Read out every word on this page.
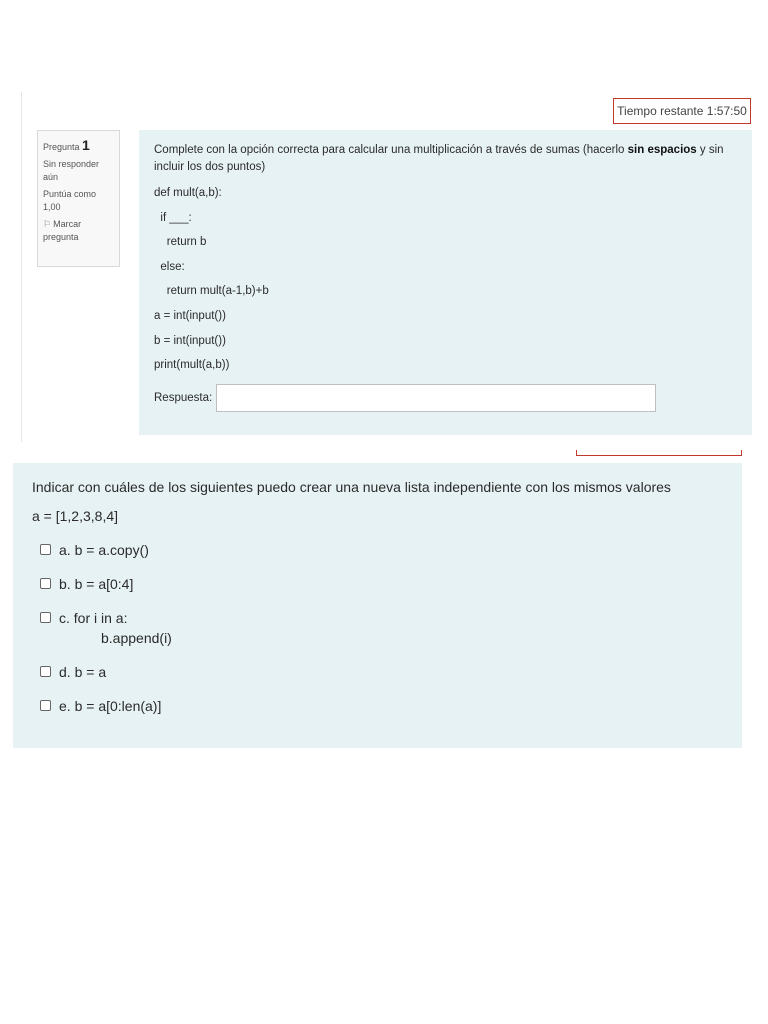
Tiempo restante 1:57:50
Pregunta 1
Sin responder aún
Puntúa como 1,00
⚐ Marcar pregunta
Complete con la opción correcta para calcular una multiplicación a través de sumas (hacerlo sin espacios y sin incluir los dos puntos)
def mult(a,b):
if ___:
return b
else:
return mult(a-1,b)+b
a = int(input())
b = int(input())
print(mult(a,b))
Respuesta:
Indicar con cuáles de los siguientes puedo crear una nueva lista independiente con los mismos valores
a = [1,2,3,8,4]
a.
b = a.copy()
b.
b = a[0:4]
c.
for i in a:
b.append(i)
d.
b = a
e.
b = a[0:len(a)]
